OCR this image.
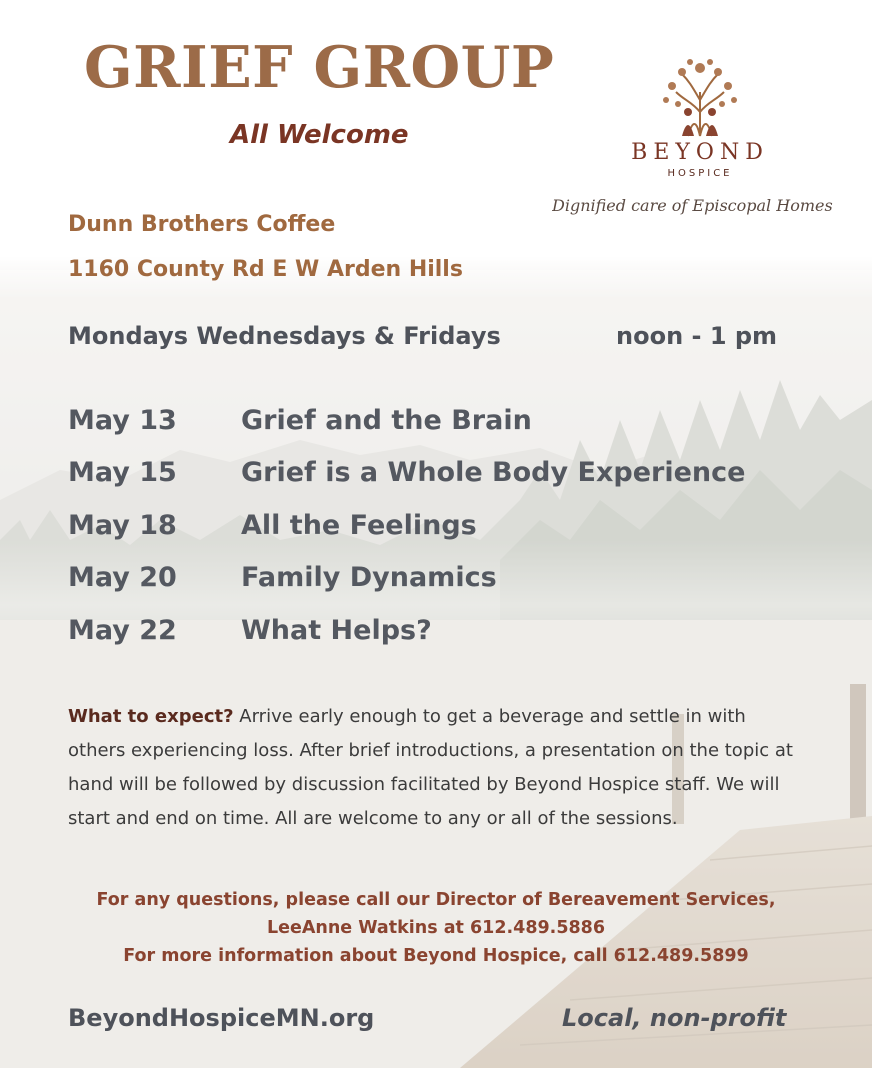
GRIEF GROUP
All Welcome
BEYOND
HOSPICE
Dignified care of Episcopal Homes
Dunn Brothers Coffee
1160 County Rd E W Arden Hills
Mondays Wednesdays & Fridays	noon - 1 pm
May 13 Grief and the Brain
May 15 Grief is a Whole Body Experience
May 18 All the Feelings
May 20 Family Dynamics
May 22 What Helps?

What to expect? Arrive early enough to get a beverage and settle in with others experiencing loss. After brief introductions, a presentation on the topic at hand will be followed by discussion facilitated by Beyond Hospice staff. We will start and end on time. All are welcome to any or all of the sessions.

For any questions, please call our Director of Bereavement Services,
LeeAnne Watkins at 612.489.5886
For more information about Beyond Hospice, call 612.489.5899
BeyondHospiceMN.org	Local, non-profit
